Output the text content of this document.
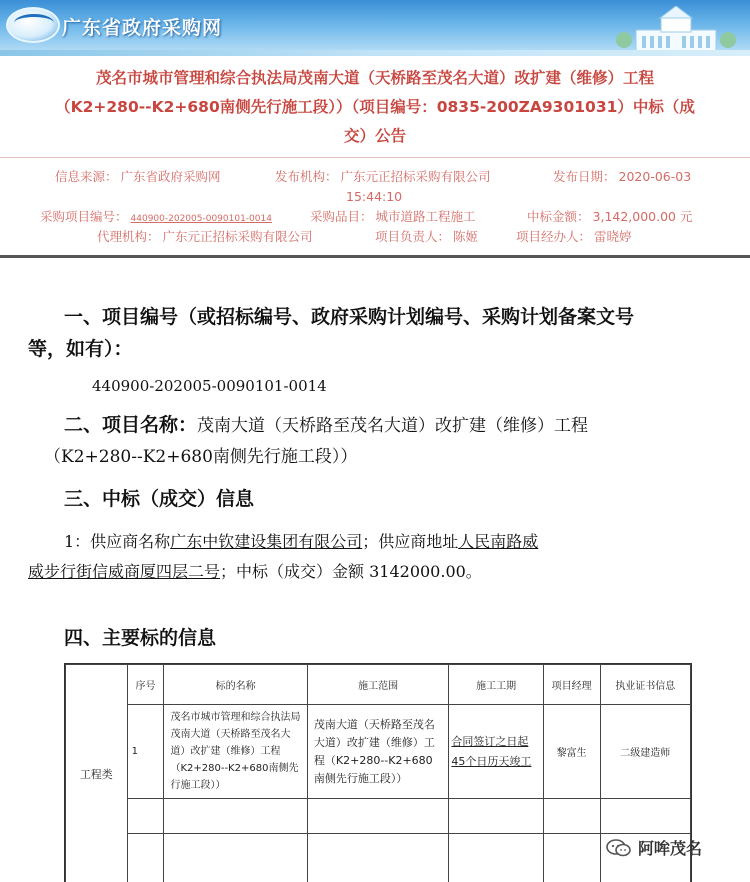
广东省政府采购网
茂名市城市管理和综合执法局茂南大道（天桥路至茂名大道）改扩建（维修）工程
（K2+280--K2+680南侧先行施工段））（项目编号：0835-200ZA9301031）中标（成
交）公告
信息来源： 广东省政府采购网	发布机构： 广东元正招标采购有限公司	发布日期： 2020-06-03
15:44:10
采购项目编号： 440900-202005-0090101-0014	采购品目： 城市道路工程施工	中标金额： 3,142,000.00 元
代理机构： 广东元正招标采购有限公司	项目负责人： 陈姬	项目经办人： 雷晓婷
一、项目编号（或招标编号、政府采购计划编号、采购计划备案文号
等，如有）：
440900-202005-0090101-0014
二、项目名称：茂南大道（天桥路至茂名大道）改扩建（维修）工程
（K2+280--K2+680南侧先行施工段））
三、中标（成交）信息
1：供应商名称广东中钦建设集团有限公司；供应商地址人民南路威
威步行街信威商厦四层二号；中标（成交）金额 3142000.00。
四、主要标的信息
工程类	序号	标的名称	施工范围	施工工期	项目经理	执业证书信息
	1	茂名市城市管理和综合执法局茂南大道（天桥路至茂名大道）改扩建（维修）工程（K2+280--K2+680南侧先行施工段））	茂南大道（天桥路至茂名大道）改扩建（维修）工程（K2+280--K2+680南侧先行施工段））	合同签订之日起45个日历天竣工	黎富生	二级建造师

阿哞茂名
